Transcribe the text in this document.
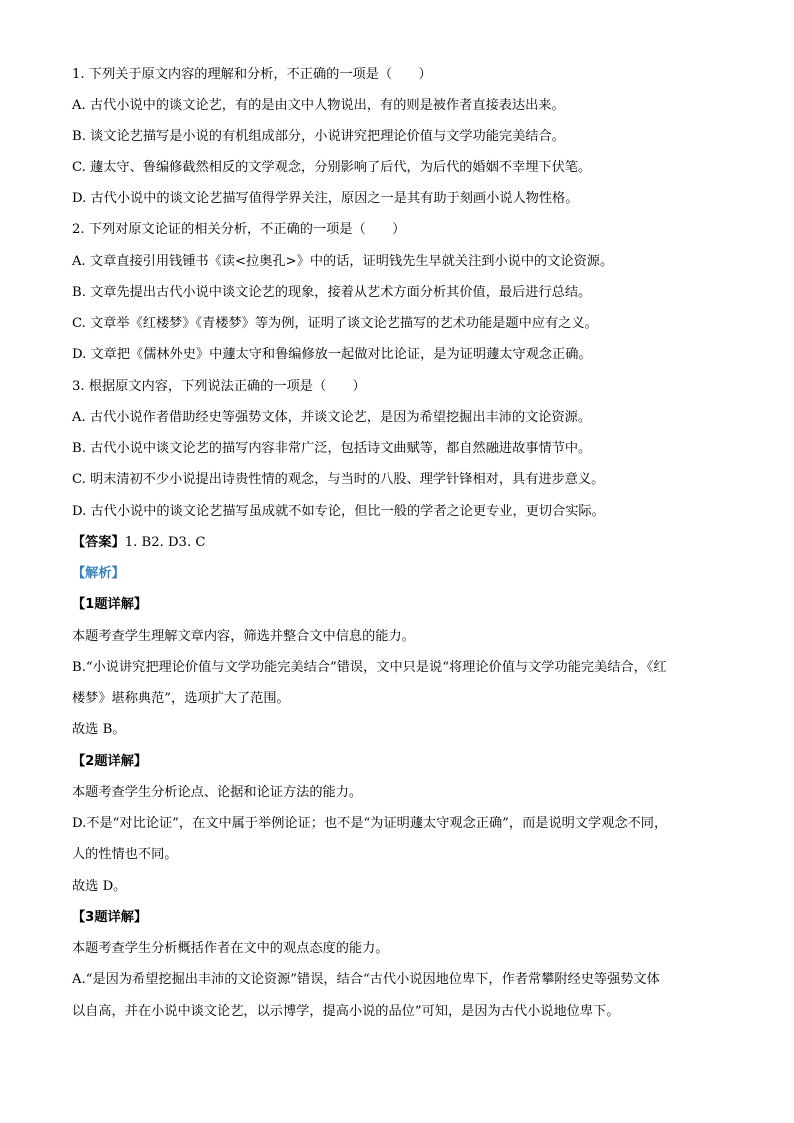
1. 下列关于原文内容的理解和分析，不正确的一项是（　　）
A. 古代小说中的谈文论艺，有的是由文中人物说出，有的则是被作者直接表达出来。
B. 谈文论艺描写是小说的有机组成部分，小说讲究把理论价值与文学功能完美结合。
C. 蘧太守、鲁编修截然相反的文学观念，分别影响了后代，为后代的婚姻不幸埋下伏笔。
D. 古代小说中的谈文论艺描写值得学界关注，原因之一是其有助于刻画小说人物性格。
2. 下列对原文论证的相关分析，不正确的一项是（　　）
A. 文章直接引用钱锺书《读<拉奥孔>》中的话，证明钱先生早就关注到小说中的文论资源。
B. 文章先提出古代小说中谈文论艺的现象，接着从艺术方面分析其价值，最后进行总结。
C. 文章举《红楼梦》《青楼梦》等为例，证明了谈文论艺描写的艺术功能是题中应有之义。
D. 文章把《儒林外史》中蘧太守和鲁编修放一起做对比论证，是为证明蘧太守观念正确。
3. 根据原文内容，下列说法正确的一项是（　　）
A. 古代小说作者借助经史等强势文体，并谈文论艺，是因为希望挖掘出丰沛的文论资源。
B. 古代小说中谈文论艺的描写内容非常广泛，包括诗文曲赋等，都自然融进故事情节中。
C. 明末清初不少小说提出诗贵性情的观念，与当时的八股、理学针锋相对，具有进步意义。
D. 古代小说中的谈文论艺描写虽成就不如专论，但比一般的学者之论更专业，更切合实际。
【答案】1. B2. D3. C
【解析】
【1题详解】
本题考查学生理解文章内容，筛选并整合文中信息的能力。
B.“小说讲究把理论价值与文学功能完美结合”错误，文中只是说“将理论价值与文学功能完美结合，《红
楼梦》堪称典范”，选项扩大了范围。
故选 B。
【2题详解】
本题考查学生分析论点、论据和论证方法的能力。
D.不是“对比论证”，在文中属于举例论证；也不是“为证明蘧太守观念正确”，而是说明文学观念不同，
人的性情也不同。
故选 D。
【3题详解】
本题考查学生分析概括作者在文中的观点态度的能力。
A.“是因为希望挖掘出丰沛的文论资源”错误，结合“古代小说因地位卑下，作者常攀附经史等强势文体
以自高，并在小说中谈文论艺，以示博学，提高小说的品位”可知，是因为古代小说地位卑下。
